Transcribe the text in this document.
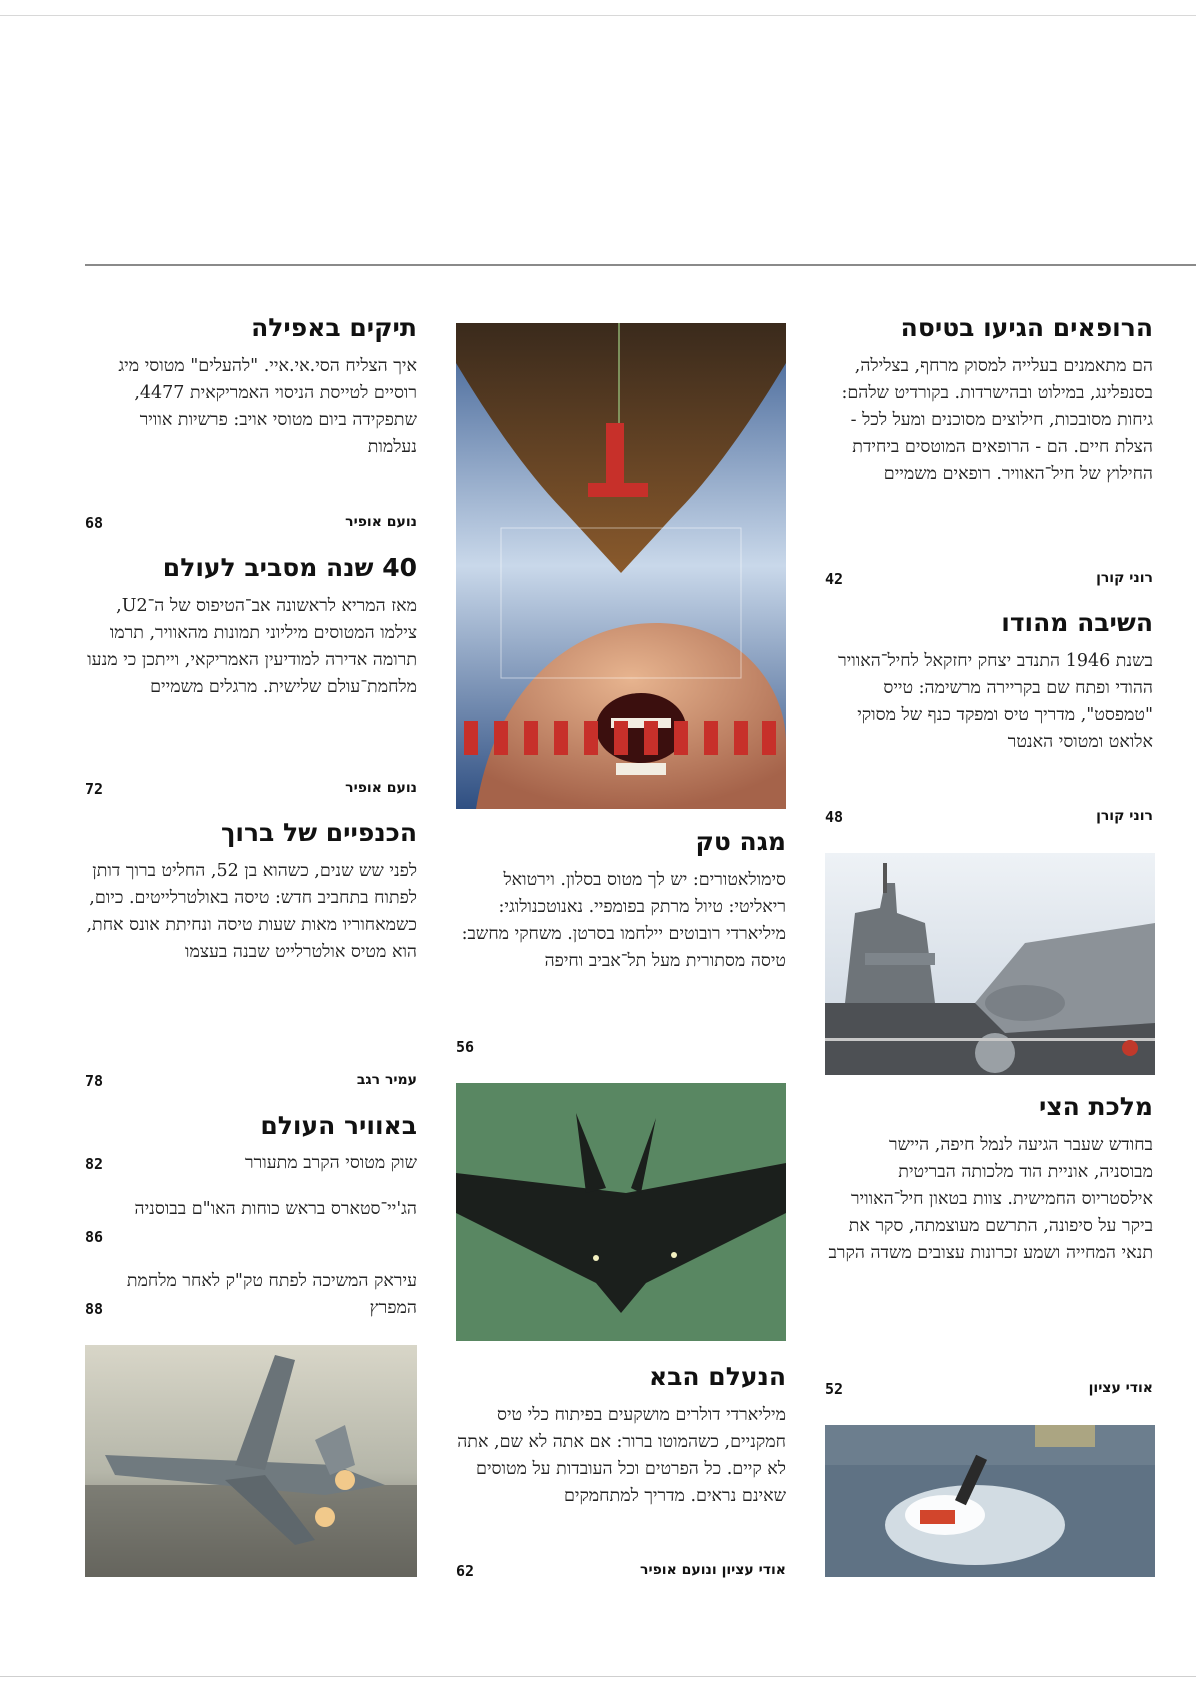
הרופאים הגיעו בטיסה

הם מתאמנים בעלייה למסוק מרחף, בצלילה, בסנפלינג, במילוט ובהישרדות. בקורדיט שלהם: גיחות מסובכות, חילוצים מסוכנים ומעל לכל - הצלת חיים. הם - הרופאים המוטסים ביחידת החילוץ של חיל־האוויר. רופאים משמיים

רוני קורן
42
השיבה מהודו

בשנת 1946 התנדב יצחק יחזקאל לחיל־האוויר ההודי ופתח שם בקריירה מרשימה: טייס "טמפסט", מדריך טיס ומפקד כנף של מסוקי אלואט ומטוסי האנטר

רוני קורן
48
מלכת הצי

בחודש שעבר הגיעה לנמל חיפה, היישר מבוסניה, אוניית הוד מלכותה הבריטית אילסטריוס החמישית. צוות בטאון חיל־האוויר ביקר על סיפונה, התרשם מעוצמתה, סקר את תנאי המחייה ושמע זכרונות עצובים משדה הקרב

אודי עציון
52
מגה טק

סימולאטורים: יש לך מטוס בסלון. וירטואל ריאליטי: טיול מרתק בפומפיי. נאנוטכנולוגי: מיליארדי רובוטים יילחמו בסרטן. משחקי מחשב: טיסה מסתורית מעל תל־אביב וחיפה

56
הנעלם הבא

מיליארדי דולרים מושקעים בפיתוח כלי טיס חמקניים, כשהמוטו ברור: אם אתה לא שם, אתה לא קיים. כל הפרטים וכל העובדות על מטוסים שאינם נראים. מדריך למתחמקים

אודי עציון ונועם אופיר
62
תיקים באפילה

איך הצליח הסי.אי.איי. "להעלים" מטוסי מיג רוסיים לטייסת הניסוי האמריקאית 4477, שתפקידה ביום מטוסי אויב: פרשיות אוויר נעלמות

נועם אופיר
68
40 שנה מסביב לעולם

מאז המריא לראשונה אב־הטיפוס של ה־U2, צילמו המטוסים מיליוני תמונות מהאוויר, תרמו תרומה אדירה למודיעין האמריקאי, וייתכן כי מנעו מלחמת־עולם שלישית. מרגלים משמיים

נועם אופיר
72
הכנפיים של ברוך

לפני שש שנים, כשהוא בן 52, החליט ברוך דותן לפתוח בתחביב חדש: טיסה באולטרלייטים. כיום, כשמאחוריו מאות שעות טיסה ונחיתת אונס אחת, הוא מטיס אולטרלייט שבנה בעצמו

עמיר רגב
78
באוויר העולם
שוק מטוסי הקרב מתעורר
82
הג'יי־סטארס בראש כוחות האו"ם בבוסניה
86
עיראק המשיכה לפתח טק"ק לאחר מלחמת המפרץ
88
